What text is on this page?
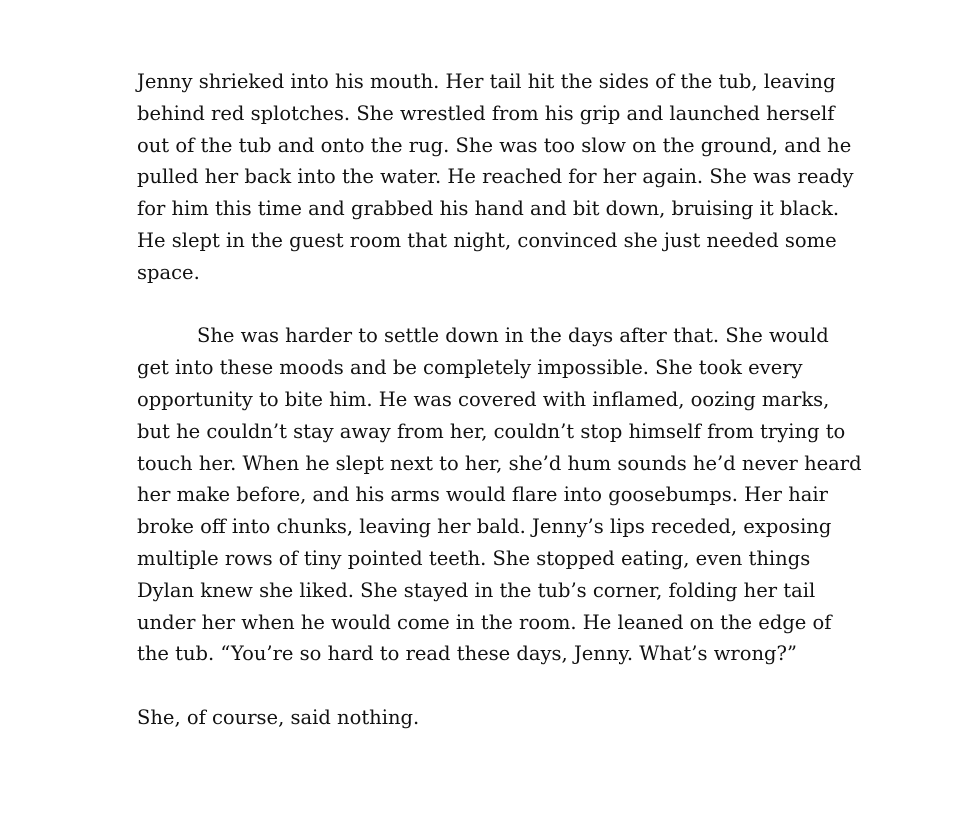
Jenny shrieked into his mouth. Her tail hit the sides of the tub, leaving
behind red splotches. She wrestled from his grip and launched herself
out of the tub and onto the rug. She was too slow on the ground, and he
pulled her back into the water. He reached for her again. She was ready
for him this time and grabbed his hand and bit down, bruising it black.
He slept in the guest room that night, convinced she just needed some
space.

She was harder to settle down in the days after that. She would
get into these moods and be completely impossible. She took every
opportunity to bite him. He was covered with inflamed, oozing marks,
but he couldn’t stay away from her, couldn’t stop himself from trying to
touch her. When he slept next to her, she’d hum sounds he’d never heard
her make before, and his arms would flare into goosebumps. Her hair
broke off into chunks, leaving her bald. Jenny’s lips receded, exposing
multiple rows of tiny pointed teeth. She stopped eating, even things
Dylan knew she liked. She stayed in the tub’s corner, folding her tail
under her when he would come in the room. He leaned on the edge of
the tub. “You’re so hard to read these days, Jenny. What’s wrong?”

She, of course, said nothing.
